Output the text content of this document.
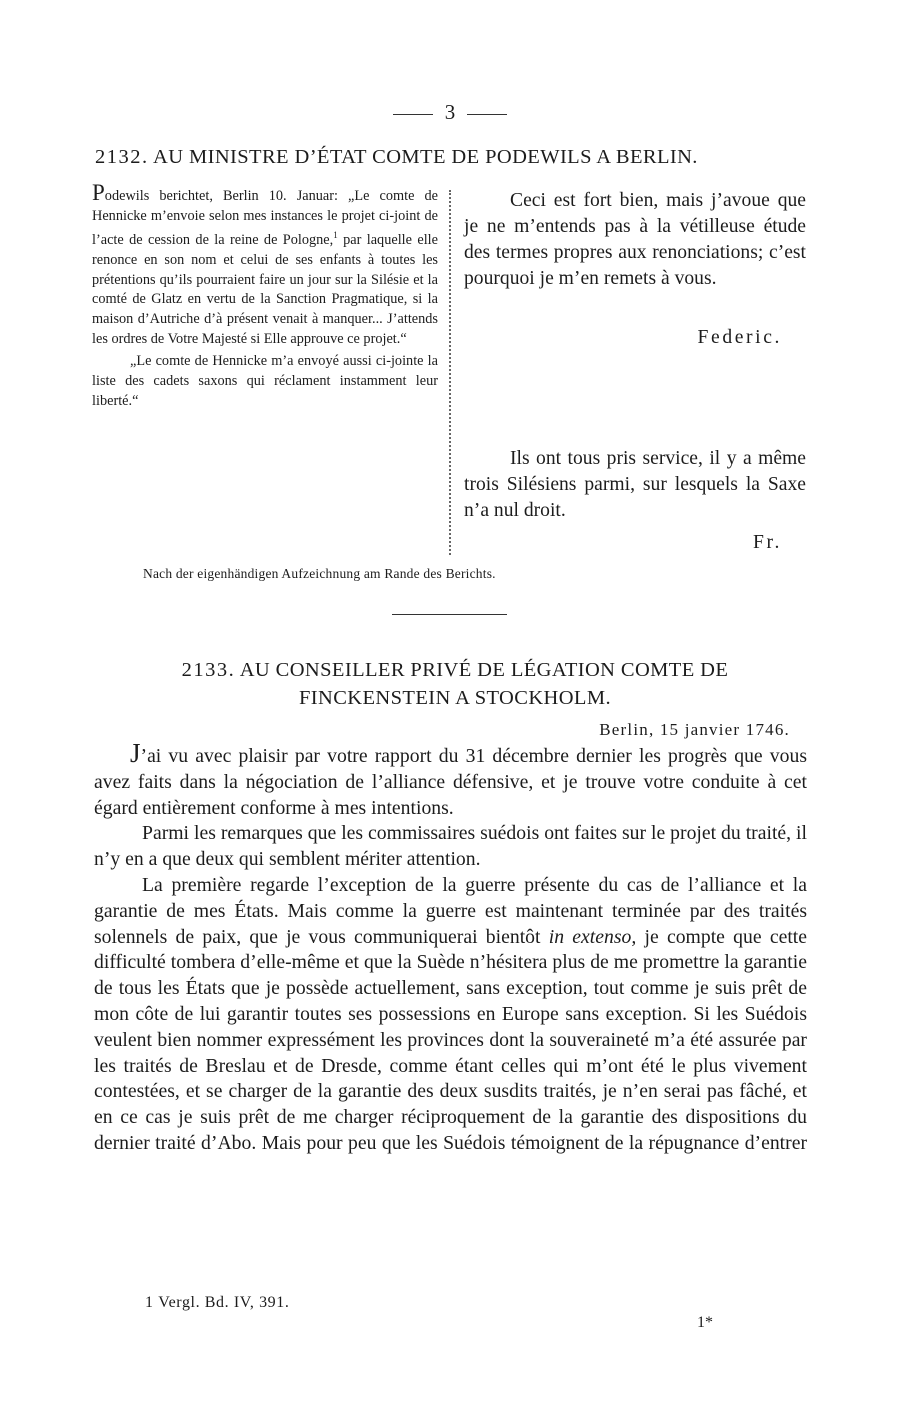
3
2132. AU MINISTRE D’ÉTAT COMTE DE PODEWILS A BERLIN.

Podewils berichtet, Berlin 10. Januar: „Le comte de Hennicke m’envoie selon mes instances le projet ci-joint de l’acte de cession de la reine de Pologne,$^1$ par laquelle elle renonce en son nom et celui de ses enfants à toutes les prétentions qu’ils pourraient faire un jour sur la Silésie et la comté de Glatz en vertu de la Sanction Pragmatique, si la maison d’Autriche d’à présent venait à manquer... J’attends les ordres de Votre Majesté si Elle approuve ce projet.“

„Le comte de Hennicke m’a envoyé aussi ci-jointe la liste des cadets saxons qui réclament instamment leur liberté.“

Ceci est fort bien, mais j’avoue que je ne m’entends pas à la vétilleuse étude des termes propres aux renonciations; c’est pourquoi je m’en remets à vous.

Federic.

Ils ont tous pris service, il y a même trois Silésiens parmi, sur lesquels la Saxe n’a nul droit.

Fr.
Nach der eigenhändigen Aufzeichnung am Rande des Berichts.
2133. AU CONSEILLER PRIVÉ DE LÉGATION COMTE DE
FINCKENSTEIN A STOCKHOLM.
Berlin, 15 janvier 1746.

J’ai vu avec plaisir par votre rapport du 31 décembre dernier les progrès que vous avez faits dans la négociation de l’alliance défensive, et je trouve votre conduite à cet égard entièrement conforme à mes intentions.

Parmi les remarques que les commissaires suédois ont faites sur le projet du traité, il n’y en a que deux qui semblent mériter attention.

La première regarde l’exception de la guerre présente du cas de l’alliance et la garantie de mes États. Mais comme la guerre est maintenant terminée par des traités solennels de paix, que je vous communiquerai bientôt in extenso, je compte que cette difficulté tombera d’elle-même et que la Suède n’hésitera plus de me promettre la garantie de tous les États que je possède actuellement, sans exception, tout comme je suis prêt de mon côte de lui garantir toutes ses possessions en Europe sans exception. Si les Suédois veulent bien nommer expressément les provinces dont la souveraineté m’a été assurée par les traités de Breslau et de Dresde, comme étant celles qui m’ont été le plus vivement contestées, et se charger de la garantie des deux susdits traités, je n’en serai pas fâché, et en ce cas je suis prêt de me charger réciproquement de la garantie des dispositions du dernier traité d’Abo. Mais pour peu que les Suédois témoignent de la répugnance d’entrer

1 Vergl. Bd. IV, 391.
1*
